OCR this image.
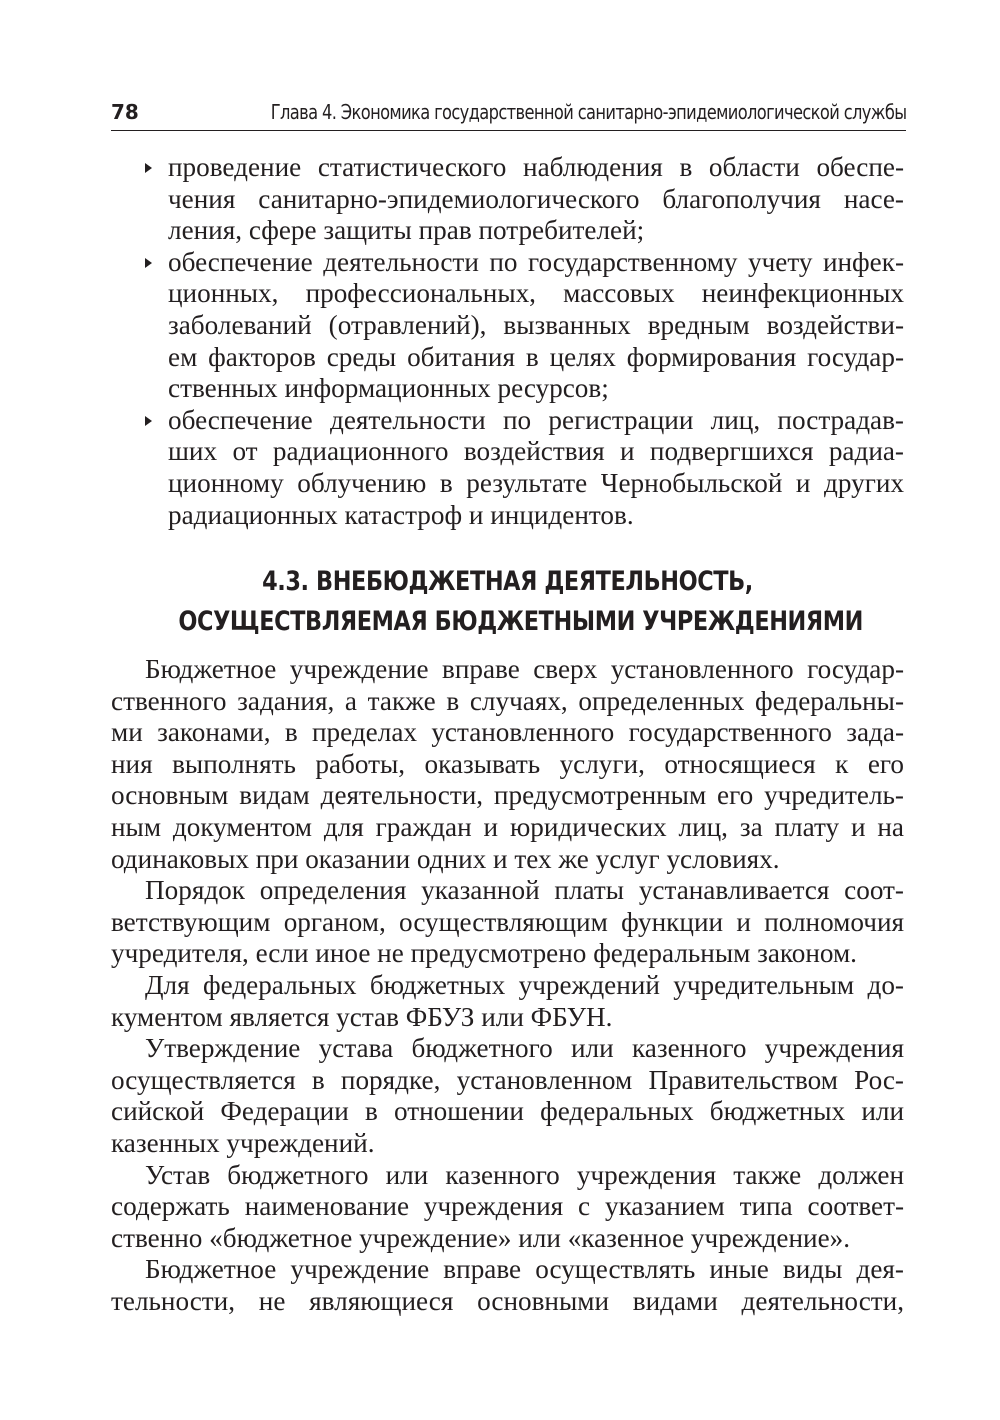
78	Глава 4. Экономика государственной санитарно-эпидемиологической службы
проведение статистического наблюдения в области обеспе-
чения санитарно-эпидемиологического благополучия насе-
ления, сфере защиты прав потребителей;
обеспечение деятельности по государственному учету инфек-
ционных, профессиональных, массовых неинфекционных
заболеваний (отравлений), вызванных вредным воздействи-
ем факторов среды обитания в целях формирования государ-
ственных информационных ресурсов;
обеспечение деятельности по регистрации лиц, пострадав-
ших от радиационного воздействия и подвергшихся радиа-
ционному облучению в результате Чернобыльской и других
радиационных катастроф и инцидентов.
4.3. ВНЕБЮДЖЕТНАЯ ДЕЯТЕЛЬНОСТЬ,
ОСУЩЕСТВЛЯЕМАЯ БЮДЖЕТНЫМИ УЧРЕЖДЕНИЯМИ
Бюджетное учреждение вправе сверх установленного государ-
ственного задания, а также в случаях, определенных федеральны-
ми законами, в пределах установленного государственного зада-
ния выполнять работы, оказывать услуги, относящиеся к его
основным видам деятельности, предусмотренным его учредитель-
ным документом для граждан и юридических лиц, за плату и на
одинаковых при оказании одних и тех же услуг условиях.
Порядок определения указанной платы устанавливается соот-
ветствующим органом, осуществляющим функции и полномочия
учредителя, если иное не предусмотрено федеральным законом.
Для федеральных бюджетных учреждений учредительным до-
кументом является устав ФБУЗ или ФБУН.
Утверждение устава бюджетного или казенного учреждения
осуществляется в порядке, установленном Правительством Рос-
сийской Федерации в отношении федеральных бюджетных или
казенных учреждений.
Устав бюджетного или казенного учреждения также должен
содержать наименование учреждения с указанием типа соответ-
ственно «бюджетное учреждение» или «казенное учреждение».
Бюджетное учреждение вправе осуществлять иные виды дея-
тельности, не являющиеся основными видами деятельности,
